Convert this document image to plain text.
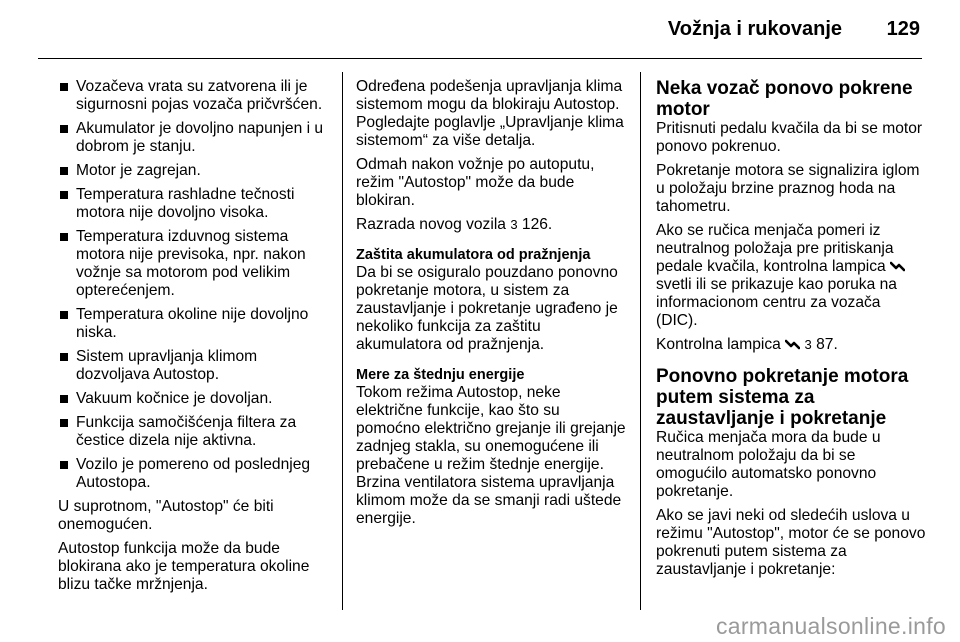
Vožnja i rukovanje 129
Vozačeva vrata su zatvorena ili je sigurnosni pojas vozača pričvršćen.
Akumulator je dovoljno napunjen i u dobrom je stanju.
Motor je zagrejan.
Temperatura rashladne tečnosti motora nije dovoljno visoka.
Temperatura izduvnog sistema motora nije previsoka, npr. nakon vožnje sa motorom pod velikim opterećenjem.
Temperatura okoline nije dovoljno niska.
Sistem upravljanja klimom dozvoljava Autostop.
Vakuum kočnice je dovoljan.
Funkcija samočišćenja filtera za čestice dizela nije aktivna.
Vozilo je pomereno od poslednjeg Autostopa.

U suprotnom, "Autostop" će biti onemogućen.

Autostop funkcija može da bude blokirana ako je temperatura okoline blizu tačke mržnjenja.

Određena podešenja upravljanja klima sistemom mogu da blokiraju Autostop. Pogledajte poglavlje „Upravljanje klima sistemom“ za više detalja.

Odmah nakon vožnje po autoputu, režim "Autostop" može da bude blokiran.

Razrada novog vozila 3 126.

Zaštita akumulatora od pražnjenja

Da bi se osiguralo pouzdano ponovno pokretanje motora, u sistem za zaustavljanje i pokretanje ugrađeno je nekoliko funkcija za zaštitu akumulatora od pražnjenja.

Mere za štednju energije

Tokom režima Autostop, neke električne funkcije, kao što su pomoćno električno grejanje ili grejanje zadnjeg stakla, su onemogućene ili prebačene u režim štednje energije. Brzina ventilatora sistema upravljanja klimom može da se smanji radi uštede energije.

Neka vozač ponovo pokrene motor

Pritisnuti pedalu kvačila da bi se motor ponovo pokrenuo.

Pokretanje motora se signalizira iglom u položaju brzine praznog hoda na tahometru.

Ako se ručica menjača pomeri iz neutralnog položaja pre pritiskanja pedale kvačila, kontrolna lampica  svetli ili se prikazuje kao poruka na informacionom centru za vozača (DIC).

Kontrolna lampica 3 87.

Ponovno pokretanje motora putem sistema za zaustavljanje i pokretanje

Ručica menjača mora da bude u neutralnom položaju da bi se omogućilo automatsko ponovno pokretanje.

Ako se javi neki od sledećih uslova u režimu "Autostop", motor će se ponovo pokrenuti putem sistema za zaustavljanje i pokretanje:

carmanualsonline.info
